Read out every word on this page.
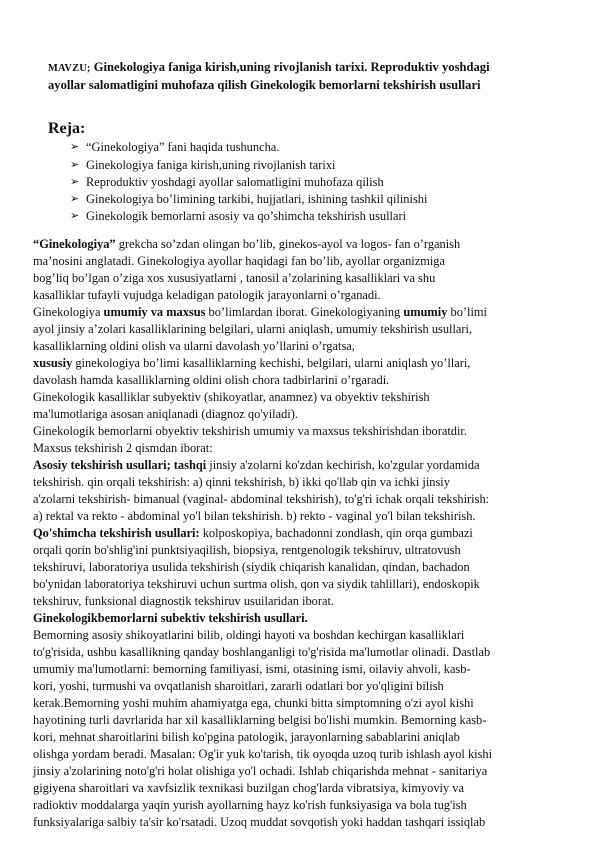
MAVZU; Ginekologiya faniga kirish,uning rivojlanish tarixi. Reproduktiv yoshdagi
ayollar salomatligini muhofaza qilish Ginekologik bemorlarni tekshirish usullari
Reja:
➢ “Ginekologiya” fani haqida tushuncha.
➢ Ginekologiya faniga kirish,uning rivojlanish tarixi
➢ Reproduktiv yoshdagi ayollar salomatligini muhofaza qilish
➢ Ginekologiya bo’limining tarkibi, hujjatlari, ishining tashkil qilinishi
➢ Ginekologik bemorlarni asosiy va qo’shimcha tekshirish usullari
“Ginekologiya” grekcha so’zdan olingan bo’lib, ginekos-ayol va logos- fan o’rganish
ma’nosini anglatadi. Ginekologiya ayollar haqidagi fan bo’lib, ayollar organizmiga
bog’liq bo’lgan o’ziga xos xususiyatlarni , tanosil a’zolarining kasalliklari va shu
kasalliklar tufayli vujudga keladigan patologik jarayonlarni o’rganadi.
Ginekologiya umumiy va maxsus bo’limlardan iborat. Ginekologiyaning umumiy bo’limi
ayol jinsiy a’zolari kasalliklarining belgilari, ularni aniqlash, umumiy tekshirish usullari,
kasalliklarning oldini olish va ularni davolash yo’llarini o’rgatsa,
xususiy ginekologiya bo’limi kasalliklarning kechishi, belgilari, ularni aniqlash yo’llari,
davolash hamda kasalliklarning oldini olish chora tadbirlarini o’rgaradi.
Ginekologik kasalliklar subyektiv (shikoyatlar, anamnez) va obyektiv tekshirish
ma'lumotlariga asosan aniqlanadi (diagnoz qo'yiladi).
Ginekologik bemorlarni obyektiv tekshirish umumiy va maxsus tekshirishdan iboratdir.
Maxsus tekshirish 2 qismdan iborat:
Asosiy tekshirish usullari; tashqi jinsiy a'zolarni ko'zdan kechirish, ko'zgular yordamida
tekshirish. qin orqali tekshirish: a) qinni tekshirish, b) ikki qo'llab qin va ichki jinsiy
a'zolarni tekshirish- bimanual (vaginal- abdominal tekshirish), to'g'ri ichak orqali tekshirish:
a) rektal va rekto - abdominal yo'l bilan tekshirish. b) rekto - vaginal yo'l bilan tekshirish.
Qo'shimcha tekshirish usullari: kolposkopiya, bachadonni zondlash, qin orqa gumbazi
orqali qorin bo'shlig'ini punktsiyaqilish, biopsiya, rentgenologik tekshiruv, ultratovush
tekshiruvi, laboratoriya usulida tekshirish (siydik chiqarish kanalidan, qindan, bachadon
bo'ynidan laboratoriya tekshiruvi uchun surtma olish, qon va siydik tahlillari), endoskopik
tekshiruv, funksional diagnostik tekshiruv usuilaridan iborat.
Ginekologikbemorlarni subektiv tekshirish usullari.
Bemorning asosiy shikoyatlarini bilib, oldingi hayoti va boshdan kechirgan kasalliklari
to'g'risida, ushbu kasallikning qanday boshlanganligi to'g'risida ma'lumotlar olinadi. Dastlab
umumiy ma'lumotlarni: bemorning familiyasi, ismi, otasining ismi, oilaviy ahvoli, kasb-
kori, yoshi, turmushi va ovqatlanish sharoitlari, zararli odatlari bor yo'qligini bilish
kerak.Bemorning yoshi muhim ahamiyatga ega, chunki bitta simptomning o'zi ayol kishi
hayotining turli davrlarida har xil kasalliklarning belgisi bo'lishi mumkin. Bemorning kasb-
kori, mehnat sharoitlarini bilish ko'pgina patologik, jarayonlarning sabablarini aniqlab
olishga yordam beradi. Masalan: Og'ir yuk ko'tarish, tik oyoqda uzoq turib ishlash ayol kishi
jinsiy a'zolarining noto'g'ri holat olishiga yo'l ochadi. Ishlab chiqarishda mehnat - sanitariya
gigiyena sharoitlari va xavfsizlik texnikasi buzilgan chog'larda vibratsiya, kimyoviy va
radioktiv moddalarga yaqin yurish ayollarning hayz ko'rish funksiyasiga va bola tug'ish
funksiyalariga salbiy ta'sir ko'rsatadi. Uzoq muddat sovqotish yoki haddan tashqari issiqlab
